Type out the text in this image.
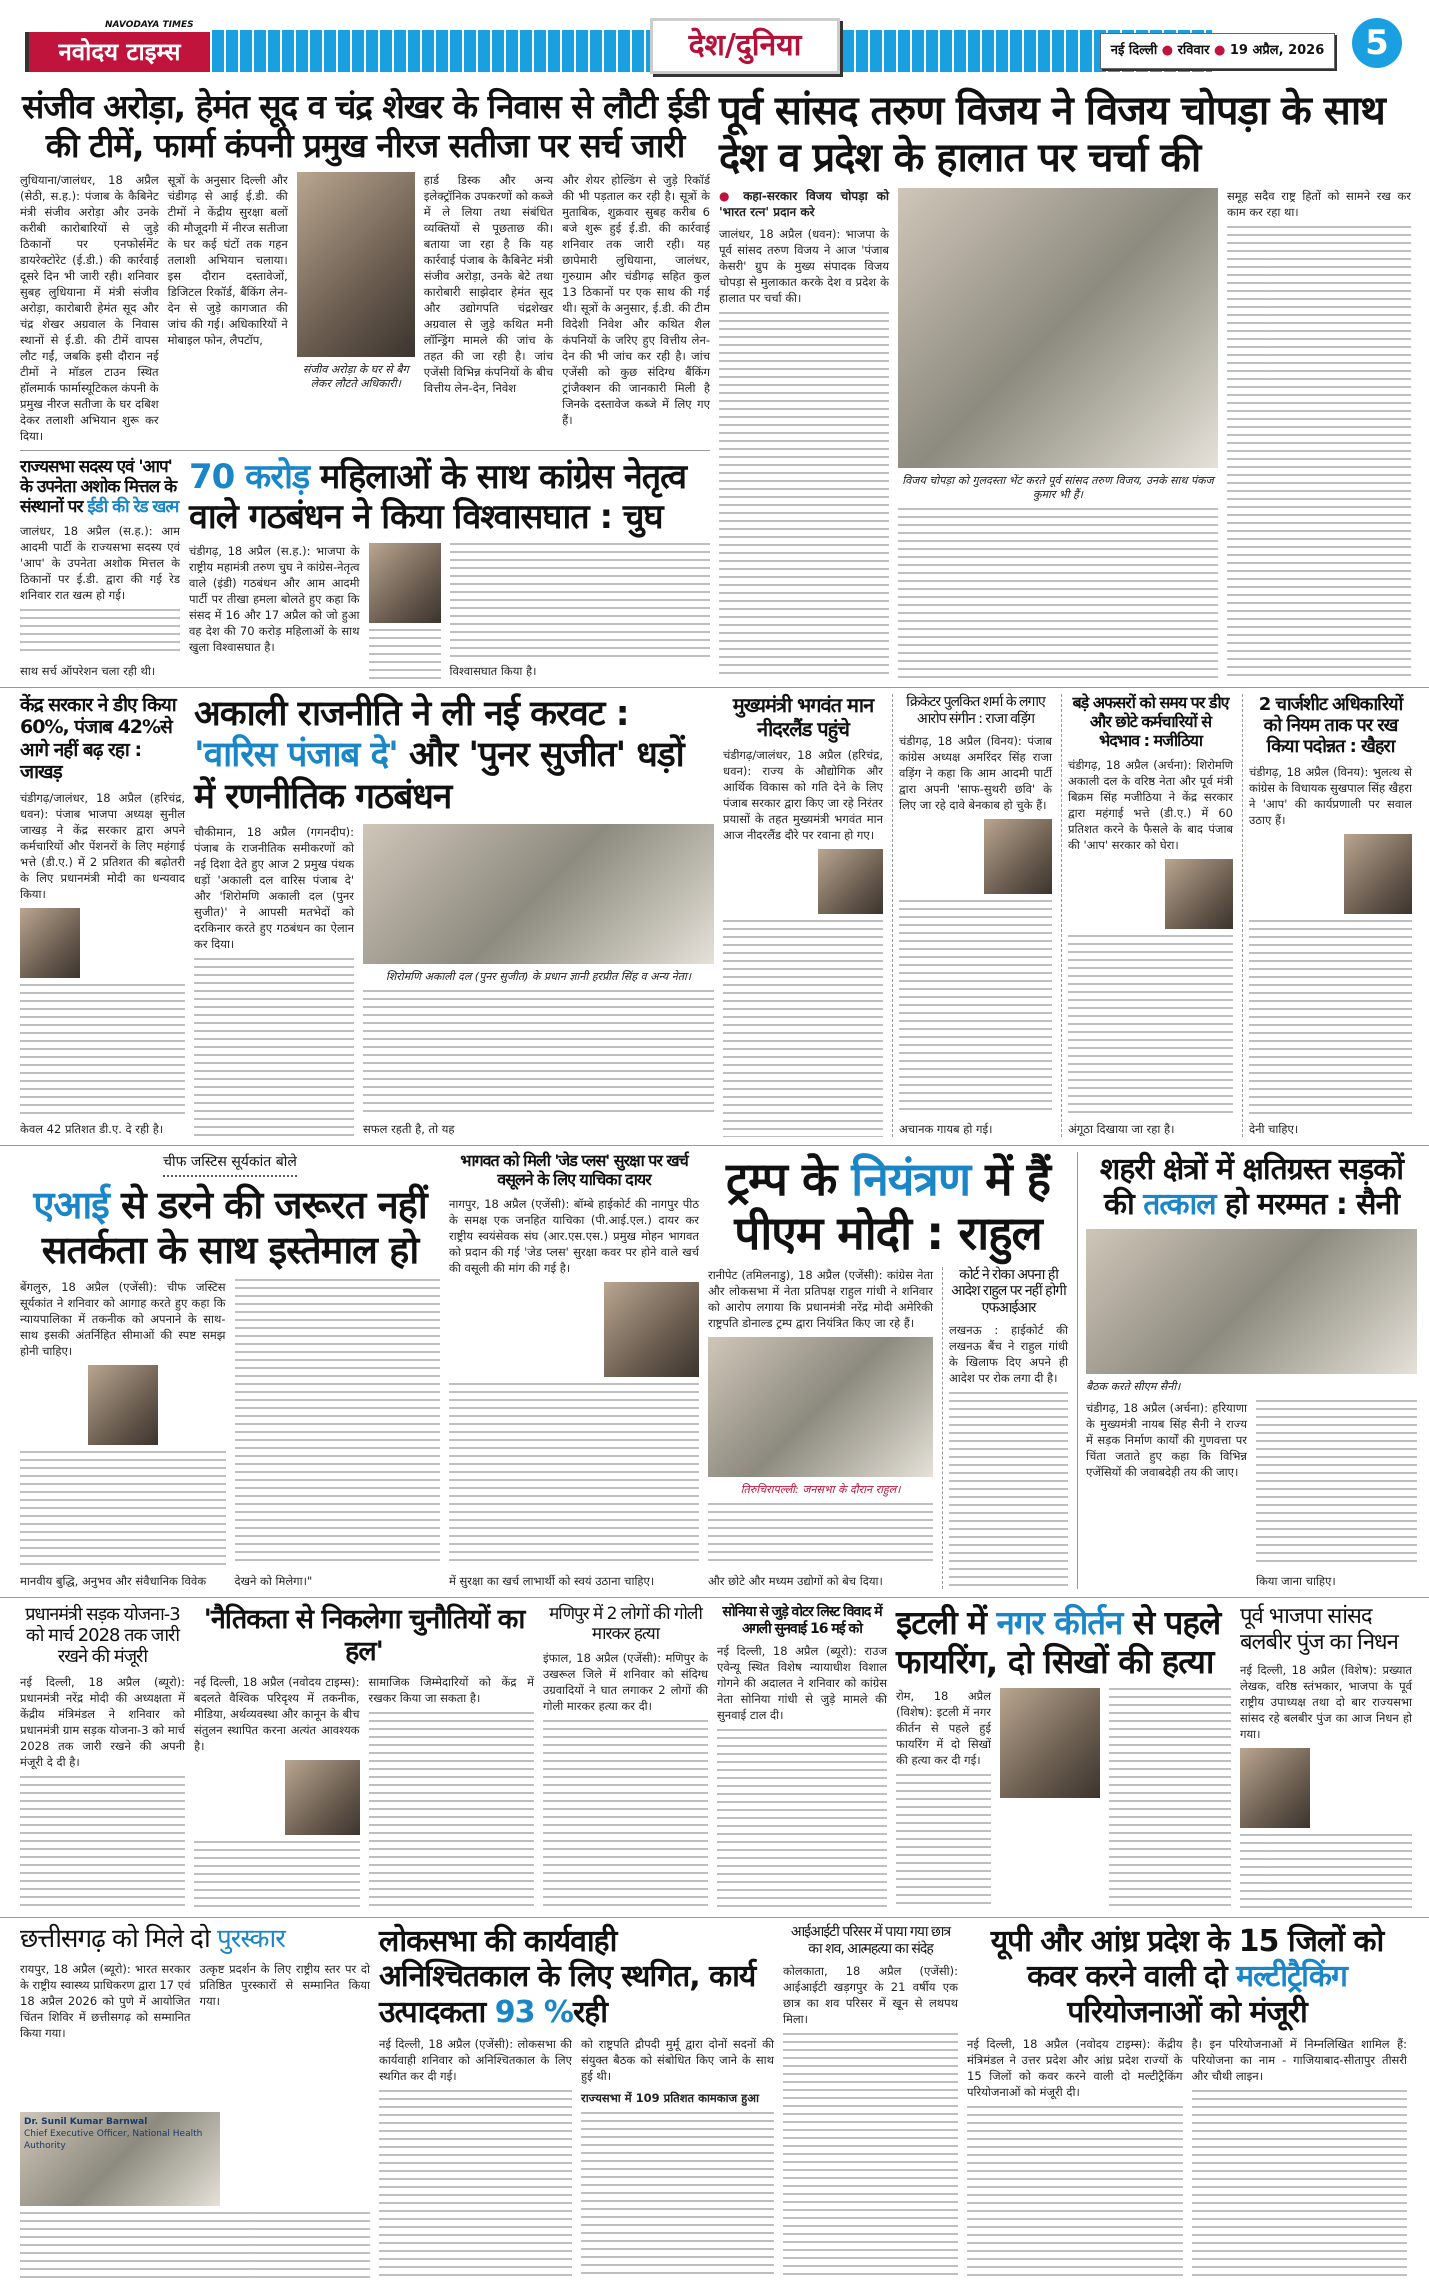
NAVODAYA TIMES
नवोदय टाइम्स	देश/दुनिया	नई दिल्ली ● रविवार ● 19 अप्रैल, 2026	5
संजीव अरोड़ा, हेमंत सूद व चंद्र शेखर के निवास से लौटी ईडी की टीमें, फार्मा कंपनी प्रमुख नीरज सतीजा पर सर्च जारी
लुधियाना/जालंधर, 18 अप्रैल (सेठी, स.ह.): पंजाब के कैबिनेट मंत्री संजीव अरोड़ा और उनके करीबी कारोबारियों से जुड़े ठिकानों पर एनफोर्समेंट डायरेक्टोरेट (ई.डी.) की कार्रवाई दूसरे दिन भी जारी रही। शनिवार सुबह लुधियाना में मंत्री संजीव अरोड़ा, कारोबारी हेमंत सूद और चंद्र शेखर अग्रवाल के निवास स्थानों से ई.डी. की टीमें वापस लौट गईं, जबकि इसी दौरान नई टीमों ने मॉडल टाउन स्थित हॉलमार्क फार्मास्यूटिकल कंपनी के प्रमुख नीरज सतीजा के घर दबिश देकर तलाशी अभियान शुरू कर दिया।
सूत्रों के अनुसार दिल्ली और चंडीगढ़ से आई ई.डी. की टीमों ने केंद्रीय सुरक्षा बलों की मौजूदगी में नीरज सतीजा के घर कई घंटों तक गहन तलाशी अभियान चलाया। इस दौरान दस्तावेजों, डिजिटल रिकॉर्ड, बैंकिंग लेन-देन से जुड़े कागजात की जांच की गई। अधिकारियों ने मोबाइल फोन, लैपटॉप,
संजीव अरोड़ा के घर से बैग लेकर लौटते अधिकारी।
हार्ड डिस्क और अन्य इलेक्ट्रॉनिक उपकरणों को कब्जे में ले लिया तथा संबंधित व्यक्तियों से पूछताछ की। बताया जा रहा है कि यह कार्रवाई पंजाब के कैबिनेट मंत्री संजीव अरोड़ा, उनके बेटे तथा कारोबारी साझेदार हेमंत सूद और उद्योगपति चंद्रशेखर अग्रवाल से जुड़े कथित मनी लॉन्ड्रिंग मामले की जांच के तहत की जा रही है। जांच एजेंसी विभिन्न कंपनियों के बीच वित्तीय लेन-देन, निवेश
और शेयर होल्डिंग से जुड़े रिकॉर्ड की भी पड़ताल कर रही है। सूत्रों के मुताबिक, शुक्रवार सुबह करीब 6 बजे शुरू हुई ई.डी. की कार्रवाई शनिवार तक जारी रही। यह छापेमारी लुधियाना, जालंधर, गुरुग्राम और चंडीगढ़ सहित कुल 13 ठिकानों पर एक साथ की गई थी। सूत्रों के अनुसार, ई.डी. की टीम विदेशी निवेश और कथित शैल कंपनियों के जरिए हुए वित्तीय लेन-देन की भी जांच कर रही है। जांच एजेंसी को कुछ संदिग्ध बैंकिंग ट्रांजैक्शन की जानकारी मिली है जिनके दस्तावेज कब्जे में लिए गए हैं।
राज्यसभा सदस्य एवं 'आप' के उपनेता अशोक मित्तल के संस्थानों पर ईडी की रेड खत्म
जालंधर, 18 अप्रैल (स.ह.): आम आदमी पार्टी के राज्यसभा सदस्य एवं 'आप' के उपनेता अशोक मित्तल के ठिकानों पर ई.डी. द्वारा की गई रेड शनिवार रात खत्म हो गई।
साथ सर्च ऑपरेशन चला रही थी।
70 करोड़ महिलाओं के साथ कांग्रेस नेतृत्व वाले गठबंधन ने किया विश्वासघात : चुघ
चंडीगढ़, 18 अप्रैल (स.ह.): भाजपा के राष्ट्रीय महामंत्री तरुण चुघ ने कांग्रेस-नेतृत्व वाले (इंडी) गठबंधन और आम आदमी पार्टी पर तीखा हमला बोलते हुए कहा कि संसद में 16 और 17 अप्रैल को जो हुआ वह देश की 70 करोड़ महिलाओं के साथ खुला विश्वासघात है।
विश्वासघात किया है।
पूर्व सांसद तरुण विजय ने विजय चोपड़ा के साथ देश व प्रदेश के हालात पर चर्चा की
● कहा-सरकार विजय चोपड़ा को 'भारत रत्न' प्रदान करे
जालंधर, 18 अप्रैल (धवन): भाजपा के पूर्व सांसद तरुण विजय ने आज 'पंजाब केसरी' ग्रुप के मुख्य संपादक विजय चोपड़ा से मुलाकात करके देश व प्रदेश के हालात पर चर्चा की।
विजय चोपड़ा को गुलदस्ता भेंट करते पूर्व सांसद तरुण विजय, उनके साथ पंकज कुमार भी हैं।
समूह सदैव राष्ट्र हितों को सामने रख कर काम कर रहा था।
केंद्र सरकार ने डीए किया 60%, पंजाब 42%से आगे नहीं बढ़ रहा : जाखड़
चंडीगढ़/जालंधर, 18 अप्रैल (हरिचंद्र, धवन): पंजाब भाजपा अध्यक्ष सुनील जाखड़ ने केंद्र सरकार द्वारा अपने कर्मचारियों और पेंशनरों के लिए महंगाई भत्ते (डी.ए.) में 2 प्रतिशत की बढ़ोतरी के लिए प्रधानमंत्री मोदी का धन्यवाद किया।
केवल 42 प्रतिशत डी.ए. दे रही है।
अकाली राजनीति ने ली नई करवट : 'वारिस पंजाब दे' और 'पुनर सुजीत' धड़ों में रणनीतिक गठबंधन
चौकीमान, 18 अप्रैल (गगनदीप): पंजाब के राजनीतिक समीकरणों को नई दिशा देते हुए आज 2 प्रमुख पंथक धड़ों 'अकाली दल वारिस पंजाब दे' और 'शिरोमणि अकाली दल (पुनर सुजीत)' ने आपसी मतभेदों को दरकिनार करते हुए गठबंधन का ऐलान कर दिया।
शिरोमणि अकाली दल (पुनर सुजीत) के प्रधान ज्ञानी हरप्रीत सिंह व अन्य नेता।
सफल रहती है, तो यह
मुख्यमंत्री भगवंत मान नीदरलैंड पहुंचे
चंडीगढ़/जालंधर, 18 अप्रैल (हरिचंद्र, धवन): राज्य के औद्योगिक और आर्थिक विकास को गति देने के लिए पंजाब सरकार द्वारा किए जा रहे निरंतर प्रयासों के तहत मुख्यमंत्री भगवंत मान आज नीदरलैंड दौरे पर रवाना हो गए।
क्रिकेटर पुलकित शर्मा के लगाए आरोप संगीन : राजा वड़िंग
चंडीगढ़, 18 अप्रैल (विनय): पंजाब कांग्रेस अध्यक्ष अमरिंदर सिंह राजा वड़िंग ने कहा कि आम आदमी पार्टी द्वारा अपनी 'साफ-सुथरी छवि' के लिए जा रहे दावे बेनकाब हो चुके हैं।
अचानक गायब हो गई।
बड़े अफसरों को समय पर डीए और छोटे कर्मचारियों से भेदभाव : मजीठिया
चंडीगढ़, 18 अप्रैल (अर्चना): शिरोमणि अकाली दल के वरिष्ठ नेता और पूर्व मंत्री बिक्रम सिंह मजीठिया ने केंद्र सरकार द्वारा महंगाई भत्ते (डी.ए.) में 60 प्रतिशत करने के फैसले के बाद पंजाब की 'आप' सरकार को घेरा।
अंगूठा दिखाया जा रहा है।
2 चार्जशीट अधिकारियों को नियम ताक पर रख किया पदोन्नत : खैहरा
चंडीगढ़, 18 अप्रैल (विनय): भुलत्थ से कांग्रेस के विधायक सुखपाल सिंह खैहरा ने 'आप' की कार्यप्रणाली पर सवाल उठाए हैं।
देनी चाहिए।
चीफ जस्टिस सूर्यकांत बोले
एआई से डरने की जरूरत नहीं सतर्कता के साथ इस्तेमाल हो
बेंगलुरु, 18 अप्रैल (एजेंसी): चीफ जस्टिस सूर्यकांत ने शनिवार को आगाह करते हुए कहा कि न्यायपालिका में तकनीक को अपनाने के साथ-साथ इसकी अंतर्निहित सीमाओं की स्पष्ट समझ होनी चाहिए।
मानवीय बुद्धि, अनुभव और संवैधानिक विवेक	देखने को मिलेगा।"
भागवत को मिली 'जेड प्लस' सुरक्षा पर खर्च वसूलने के लिए याचिका दायर
नागपुर, 18 अप्रैल (एजेंसी): बॉम्बे हाईकोर्ट की नागपुर पीठ के समक्ष एक जनहित याचिका (पी.आई.एल.) दायर कर राष्ट्रीय स्वयंसेवक संघ (आर.एस.एस.) प्रमुख मोहन भागवत को प्रदान की गई 'जेड प्लस' सुरक्षा कवर पर होने वाले खर्च की वसूली की मांग की गई है।
में सुरक्षा का खर्च लाभार्थी को स्वयं उठाना चाहिए।
ट्रम्प के नियंत्रण में हैं पीएम मोदी : राहुल
रानीपेट (तमिलनाडु), 18 अप्रैल (एजेंसी): कांग्रेस नेता और लोकसभा में नेता प्रतिपक्ष राहुल गांधी ने शनिवार को आरोप लगाया कि प्रधानमंत्री नरेंद्र मोदी अमेरिकी राष्ट्रपति डोनाल्ड ट्रम्प द्वारा नियंत्रित किए जा रहे हैं।
तिरुचिरापल्ली: जनसभा के दौरान राहुल।
और छोटे और मध्यम उद्योगों को बेच दिया।
कोर्ट ने रोका अपना ही आदेश राहुल पर नहीं होगी एफआईआर
लखनऊ : हाईकोर्ट की लखनऊ बैंच ने राहुल गांधी के खिलाफ दिए अपने ही आदेश पर रोक लगा दी है।
शहरी क्षेत्रों में क्षतिग्रस्त सड़कों की तत्काल हो मरम्मत : सैनी
बैठक करते सीएम सैनी।
चंडीगढ़, 18 अप्रैल (अर्चना): हरियाणा के मुख्यमंत्री नायब सिंह सैनी ने राज्य में सड़क निर्माण कार्यों की गुणवत्ता पर चिंता जताते हुए कहा कि विभिन्न एजेंसियों की जवाबदेही तय की जाए।
किया जाना चाहिए।
प्रधानमंत्री सड़क योजना-3 को मार्च 2028 तक जारी रखने की मंजूरी
नई दिल्ली, 18 अप्रैल (ब्यूरो): प्रधानमंत्री नरेंद्र मोदी की अध्यक्षता में केंद्रीय मंत्रिमंडल ने शनिवार को प्रधानमंत्री ग्राम सड़क योजना-3 को मार्च 2028 तक जारी रखने की अपनी मंजूरी दे दी है।
'नैतिकता से निकलेगा चुनौतियों का हल'
नई दिल्ली, 18 अप्रैल (नवोदय टाइम्स): बदलते वैश्विक परिदृश्य में तकनीक, मीडिया, अर्थव्यवस्था और कानून के बीच संतुलन स्थापित करना अत्यंत आवश्यक है।
सामाजिक जिम्मेदारियों को केंद्र में रखकर किया जा सकता है।
मणिपुर में 2 लोगों की गोली मारकर हत्या
इंफाल, 18 अप्रैल (एजेंसी): मणिपुर के उखरूल जिले में शनिवार को संदिग्ध उग्रवादियों ने घात लगाकर 2 लोगों की गोली मारकर हत्या कर दी।
सोनिया से जुड़े वोटर लिस्ट विवाद में अगली सुनवाई 16 मई को
नई दिल्ली, 18 अप्रैल (ब्यूरो): राउज एवेन्यू स्थित विशेष न्यायाधीश विशाल गोगने की अदालत ने शनिवार को कांग्रेस नेता सोनिया गांधी से जुड़े मामले की सुनवाई टाल दी।
इटली में नगर कीर्तन से पहले फायरिंग, दो सिखों की हत्या
रोम, 18 अप्रैल (विशेष): इटली में नगर कीर्तन से पहले हुई फायरिंग में दो सिखों की हत्या कर दी गई।
पूर्व भाजपा सांसद बलबीर पुंज का निधन
नई दिल्ली, 18 अप्रैल (विशेष): प्रख्यात लेखक, वरिष्ठ स्तंभकार, भाजपा के पूर्व राष्ट्रीय उपाध्यक्ष तथा दो बार राज्यसभा सांसद रहे बलबीर पुंज का आज निधन हो गया।
छत्तीसगढ़ को मिले दो पुरस्कार
रायपुर, 18 अप्रैल (ब्यूरो): भारत सरकार के राष्ट्रीय स्वास्थ्य प्राधिकरण द्वारा 17 एवं 18 अप्रैल 2026 को पुणे में आयोजित चिंतन शिविर में छत्तीसगढ़ को सम्मानित किया गया।
उत्कृष्ट प्रदर्शन के लिए राष्ट्रीय स्तर पर दो प्रतिष्ठित पुरस्कारों से सम्मानित किया गया।
Dr. Sunil Kumar Barnwal
Chief Executive Officer, National Health Authority
लोकसभा की कार्यवाही अनिश्चितकाल के लिए स्थगित, कार्य उत्पादकता 93 %रही
नई दिल्ली, 18 अप्रैल (एजेंसी): लोकसभा की कार्यवाही शनिवार को अनिश्चितकाल के लिए स्थगित कर दी गई।
को राष्ट्रपति द्रौपदी मुर्मू द्वारा दोनों सदनों की संयुक्त बैठक को संबोधित किए जाने के साथ हुई थी।
राज्यसभा में 109 प्रतिशत कामकाज हुआ
आईआईटी परिसर में पाया गया छात्र का शव, आत्महत्या का संदेह
कोलकाता, 18 अप्रैल (एजेंसी): आईआईटी खड़गपुर के 21 वर्षीय एक छात्र का शव परिसर में खून से लथपथ मिला।
यूपी और आंध्र प्रदेश के 15 जिलों को कवर करने वाली दो मल्टीट्रैकिंग परियोजनाओं को मंजूरी
नई दिल्ली, 18 अप्रैल (नवोदय टाइम्स): केंद्रीय मंत्रिमंडल ने उत्तर प्रदेश और आंध्र प्रदेश राज्यों के 15 जिलों को कवर करने वाली दो मल्टीट्रैकिंग परियोजनाओं को मंजूरी दी।
है। इन परियोजनाओं में निम्नलिखित शामिल हैं: परियोजना का नाम - गाजियाबाद-सीतापुर तीसरी और चौथी लाइन।
